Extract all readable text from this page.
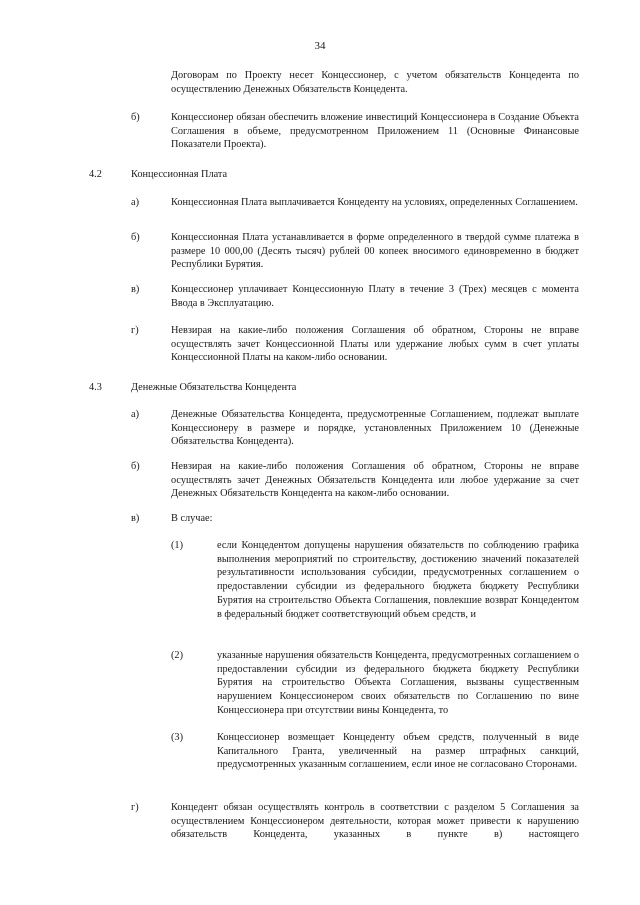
34
Договорам по Проекту несет Концессионер, с учетом обязательств Концедента по осуществлению Денежных Обязательств Концедента.
б)	Концессионер обязан обеспечить вложение инвестиций Концессионера в Создание Объекта Соглашения в объеме, предусмотренном Приложением 11 (Основные Финансовые Показатели Проекта).
4.2	Концессионная Плата
а)	Концессионная Плата выплачивается Концеденту на условиях, определенных Соглашением.
б)	Концессионная Плата устанавливается в форме определенного в твердой сумме платежа в размере 10 000,00 (Десять тысяч) рублей 00 копеек вносимого единовременно в бюджет Республики Бурятия.
в)	Концессионер уплачивает Концессионную Плату в течение 3 (Трех) месяцев с момента Ввода в Эксплуатацию.
г)	Невзирая на какие-либо положения Соглашения об обратном, Стороны не вправе осуществлять зачет Концессионной Платы или удержание любых сумм в счет уплаты Концессионной Платы на каком-либо основании.
4.3	Денежные Обязательства Концедента
а)	Денежные Обязательства Концедента, предусмотренные Соглашением, подлежат выплате Концессионеру в размере и порядке, установленных Приложением 10 (Денежные Обязательства Концедента).
б)	Невзирая на какие-либо положения Соглашения об обратном, Стороны не вправе осуществлять зачет Денежных Обязательств Концедента или любое удержание за счет Денежных Обязательств Концедента на каком-либо основании.
в)	В случае:
(1)	если Концедентом допущены нарушения обязательств по соблюдению графика выполнения мероприятий по строительству, достижению значений показателей результативности использования субсидии, предусмотренных соглашением о предоставлении субсидии из федерального бюджета бюджету Республики Бурятия на строительство Объекта Соглашения, повлекшие возврат Концедентом в федеральный бюджет соответствующий объем средств, и
(2)	указанные нарушения обязательств Концедента, предусмотренных соглашением о предоставлении субсидии из федерального бюджета бюджету Республики Бурятия на строительство Объекта Соглашения, вызваны существенным нарушением Концессионером своих обязательств по Соглашению по вине Концессионера при отсутствии вины Концедента, то
(3)	Концессионер возмещает Концеденту объем средств, полученный в виде Капитального Гранта, увеличенный на размер штрафных санкций, предусмотренных указанным соглашением, если иное не согласовано Сторонами.
г)	Концедент обязан осуществлять контроль в соответствии с разделом 5 Соглашения за осуществлением Концессионером деятельности, которая может привести к нарушению обязательств Концедента, указанных в пункте в) настоящего
